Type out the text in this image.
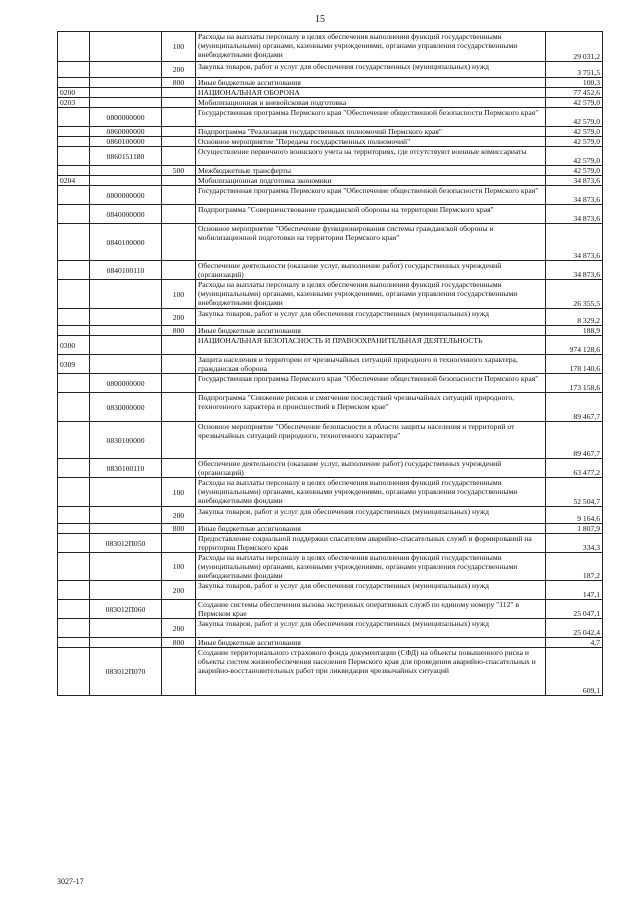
15
		100	Расходы на выплаты персоналу в целях обеспечения выполнения функций государственными (муниципальными) органами, казенными учреждениями, органами управления государственными внебюджетными фондами	29 031,2
		200	Закупка товаров, работ и услуг для обеспечения государственных (муниципальных) нужд	3 751,5
		800	Иные бюджетные ассигнования	100,3
0200			НАЦИОНАЛЬНАЯ ОБОРОНА	77 452,6
0203			Мобилизационная и вневойсковая подготовка	42 579,0
	0800000000		Государственная программа Пермского края "Обеспечение общественной безопасности Пермского края"	42 579,0
	0860000000		Подпрограмма "Реализация государственных полномочий Пермского края"	42 579,0
	0860100000		Основное мероприятие "Передача государственных полномочий"	42 579,0
	0860151180		Осуществление первичного воинского учета на территориях, где отсутствуют военные комиссариаты	42 579,0
		500	Межбюджетные трансферты	42 579,0
0204			Мобилизационная подготовка экономики	34 873,6
	0800000000		Государственная программа Пермского края "Обеспечение общественной безопасности Пермского края"	34 873,6
	0840000000		Подпрограмма "Совершенствование гражданской обороны на территории Пермского края"	34 873,6
	0840100000		Основное мероприятие "Обеспечение функционирования системы гражданской обороны и мобилизационной подготовки на территории Пермского края"	34 873,6
	0840100110		Обеспечение деятельности (оказание услуг, выполнение работ) государственных учреждений (организаций)	34 873,6
		100	Расходы на выплаты персоналу в целях обеспечения выполнения функций государственными (муниципальными) органами, казенными учреждениями, органами управления государственными внебюджетными фондами	26 355,5
		200	Закупка товаров, работ и услуг для обеспечения государственных (муниципальных) нужд	8 329,2
		800	Иные бюджетные ассигнования	188,9
0300			НАЦИОНАЛЬНАЯ БЕЗОПАСНОСТЬ И ПРАВООХРАНИТЕЛЬНАЯ ДЕЯТЕЛЬНОСТЬ	974 128,6
0309			Защита населения и территории от чрезвычайных ситуаций природного и техногенного характера, гражданская оборона	178 140,6
	0800000000		Государственная программа Пермского края "Обеспечение общественной безопасности Пермского края"	173 158,6
	0830000000		Подпрограмма "Снижение рисков и смягчение последствий чрезвычайных ситуаций природного, техногенного характера и происшествий в Пермском крае"	89 467,7
	0830100000		Основное мероприятие "Обеспечение безопасности в области защиты населения и территорий от чрезвычайных ситуаций природного, техногенного характера"	89 467,7
	0830100110		Обеспечение деятельности (оказание услуг, выполнение работ) государственных учреждений (организаций)	63 477,2
		100	Расходы на выплаты персоналу в целях обеспечения выполнения функций государственными (муниципальными) органами, казенными учреждениями, органами управления государственными внебюджетными фондами	52 504,7
		200	Закупка товаров, работ и услуг для обеспечения государственных (муниципальных) нужд	9 164,6
		800	Иные бюджетные ассигнования	1 807,9
	083012П050		Предоставление социальной поддержки спасателям аварийно-спасательных служб и формирований на территории Пермского края	334,3
		100	Расходы на выплаты персоналу в целях обеспечения выполнения функций государственными (муниципальными) органами, казенными учреждениями, органами управления государственными внебюджетными фондами	187,2
		200	Закупка товаров, работ и услуг для обеспечения государственных (муниципальных) нужд	147,1
	083012П060		Создание системы обеспечения вызова экстренных оперативных служб по единому номеру "112" в Пермском крае	25 047,1
		200	Закупка товаров, работ и услуг для обеспечения государственных (муниципальных) нужд	25 042,4
		800	Иные бюджетные ассигнования	4,7
	083012П070		Создание территориального страхового фонда документации (СФД) на объекты повышенного риска и объекты систем жизнеобеспечения населения Пермского края для проведения аварийно-спасательных и аварийно-восстановительных работ при ликвидации чрезвычайных ситуаций	609,1
3027-17
